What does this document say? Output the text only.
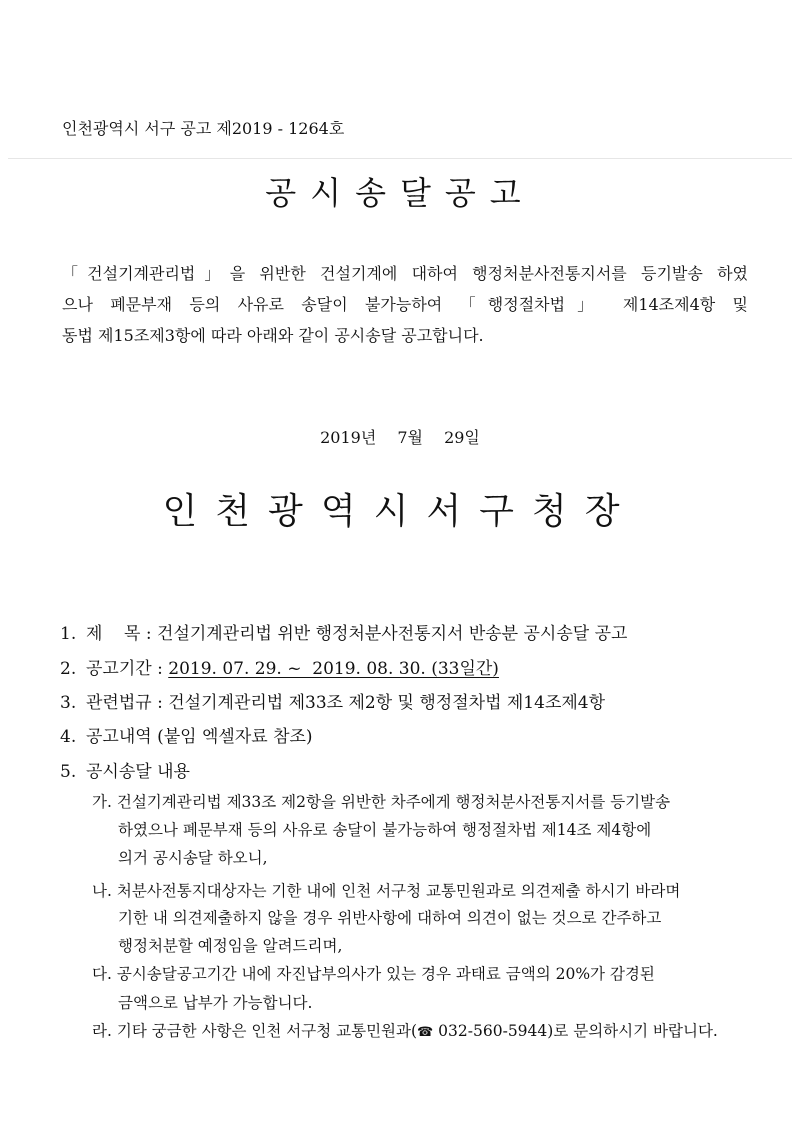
인천광역시 서구 공고 제2019 - 1264호
공시송달공고
「건설기계관리법」을 위반한 건설기계에 대하여 행정처분사전통지서를 등기발송 하였
으나 폐문부재 등의 사유로 송달이 불가능하여 「행정절차법」 제14조제4항 및
동법 제15조제3항에 따라 아래와 같이 공시송달 공고합니다.
2019년 7월 29일
인천광역시서구청장
1. 제    목 : 건설기계관리법 위반 행정처분사전통지서 반송분 공시송달 공고
2. 공고기간 : 2019. 07. 29. ~  2019. 08. 30. (33일간)
3. 관련법규 : 건설기계관리법 제33조 제2항 및 행정절차법 제14조제4항
4. 공고내역 (붙임 엑셀자료 참조)
5. 공시송달 내용
가. 건설기계관리법 제33조 제2항을 위반한 차주에게 행정처분사전통지서를 등기발송
하였으나 폐문부재 등의 사유로 송달이 불가능하여 행정절차법 제14조 제4항에
의거 공시송달 하오니,
나. 처분사전통지대상자는 기한 내에 인천 서구청 교통민원과로 의견제출 하시기 바라며
기한 내 의견제출하지 않을 경우 위반사항에 대하여 의견이 없는 것으로 간주하고
행정처분할 예정임을 알려드리며,
다. 공시송달공고기간 내에 자진납부의사가 있는 경우 과태료 금액의 20%가 감경된
금액으로 납부가 가능합니다.
라. 기타 궁금한 사항은 인천 서구청 교통민원과(☎ 032-560-5944)로 문의하시기 바랍니다.
